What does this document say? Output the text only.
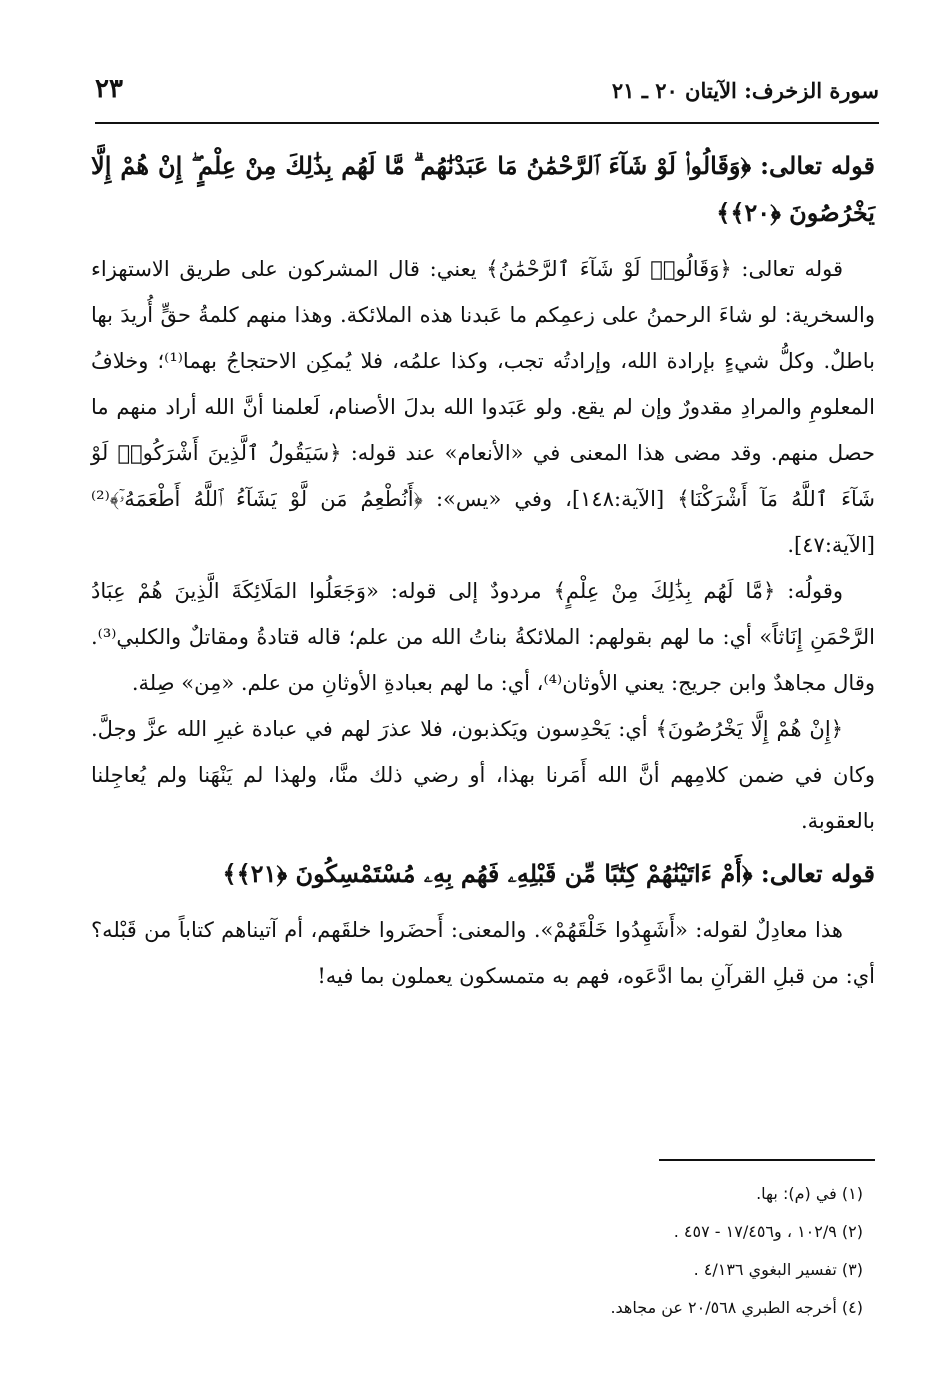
سورة الزخرف: الآيتان ٢٠ ـ ٢١
٢٣

قوله تعالى: ﴿وَقَالُوا۟ لَوْ شَآءَ ٱلرَّحْمَٰنُ مَا عَبَدْنَٰهُم ۗ مَّا لَهُم بِذَٰلِكَ مِنْ عِلْمٍ ۖ إِنْ هُمْ إِلَّا يَخْرُصُونَ ﴿٢٠﴾﴾

قوله تعالى: ﴿وَقَالُوا۟ لَوْ شَآءَ ٱلرَّحْمَٰنُ﴾ يعني: قال المشركون على طريق الاستهزاء والسخرية: لو شاءَ الرحمنُ على زعمِكم ما عَبدنا هذه الملائكة. وهذا منهم كلمةُ حقٍّ أُريدَ بها باطلٌ. وكلُّ شيءٍ بإرادة الله، وإرادتُه تجب، وكذا علمُه، فلا يُمكِن الاحتجاجُ بهما⁽¹⁾؛ وخلافُ المعلومِ والمرادِ مقدورٌ وإن لم يقع. ولو عَبَدوا الله بدلَ الأصنام، لَعلمنا أنَّ الله أراد منهم ما حصل منهم. وقد مضى هذا المعنى في «الأنعام» عند قوله: ﴿سَيَقُولُ ٱلَّذِينَ أَشْرَكُوا۟ لَوْ شَآءَ ٱللَّهُ مَآ أَشْرَكْنَا﴾ [الآية:١٤٨]، وفي «يس»: ﴿أَنُطْعِمُ مَن لَّوْ يَشَآءُ ٱللَّهُ أَطْعَمَهُۥٓ﴾⁽²⁾ [الآية:٤٧].

وقولُه: ﴿مَّا لَهُم بِذَٰلِكَ مِنْ عِلْمٍ﴾ مردودٌ إلى قوله: «وَجَعَلُوا المَلَائِكَةَ الَّذِينَ هُمْ عِبَادُ الرَّحْمَنِ إِنَاثاً» أي: ما لهم بقولهم: الملائكةُ بناتُ الله من علم؛ قاله قتادةُ ومقاتلٌ والكلبي⁽³⁾. وقال مجاهدٌ وابن جريج: يعني الأوثان⁽⁴⁾، أي: ما لهم بعبادةِ الأوثانِ من علم. «مِن» صِلة.

﴿إِنْ هُمْ إِلَّا يَخْرُصُونَ﴾ أي: يَحْدِسون ويَكذبون، فلا عذرَ لهم في عبادة غيرِ الله عزَّ وجلَّ. وكان في ضمن كلامِهم أنَّ الله أَمَرنا بهذا، أو رضي ذلك منَّا، ولهذا لم يَنْهَنا ولم يُعاجِلنا بالعقوبة.

قوله تعالى: ﴿أَمْ ءَاتَيْنَٰهُمْ كِتَٰبًا مِّن قَبْلِهِۦ فَهُم بِهِۦ مُسْتَمْسِكُونَ ﴿٢١﴾﴾

هذا معادِلٌ لقوله: «أَشَهِدُوا خَلْقَهُمْ». والمعنى: أَحضَروا خلقَهم، أم آتيناهم كتاباً من قَبْله؟ أي: من قبلِ القرآنِ بما ادَّعَوه، فهم به متمسكون يعملون بما فيه!

(١) في (م): بها.
(٢) ١٠٢/٩ ، و١٧/٤٥٦ - ٤٥٧ .
(٣) تفسير البغوي ٤/١٣٦ .
(٤) أخرجه الطبري ٢٠/٥٦٨ عن مجاهد.
